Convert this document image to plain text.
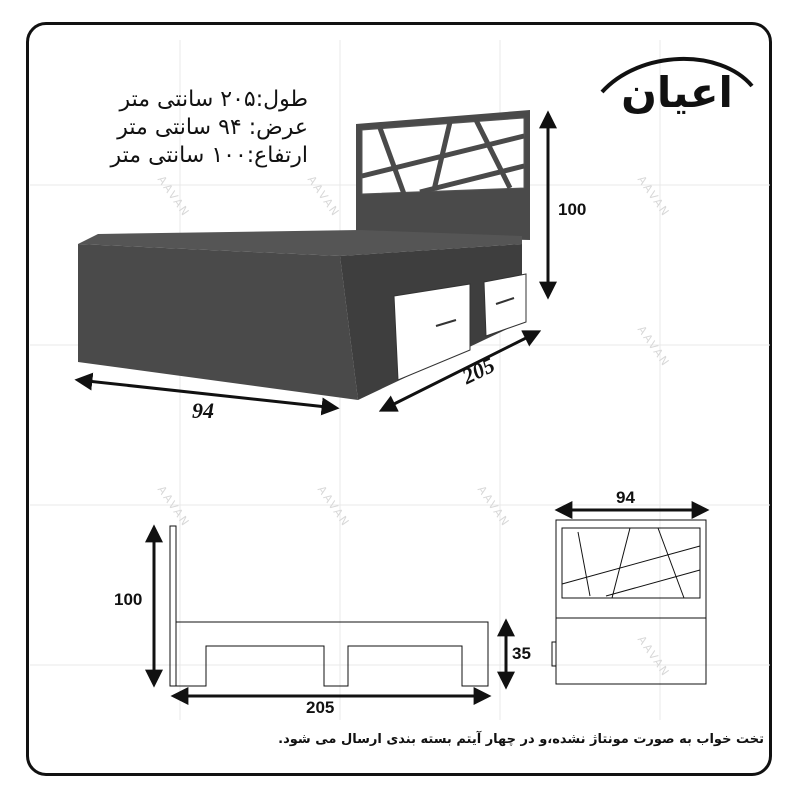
AAVAN	AAVAN	AAVAN
AAVAN
AAVAN	AAVAN	AAVAN
AAVAN
اعیان
طول:۲۰۵ سانتی متر
عرض: ۹۴ سانتی متر
ارتفاع:۱۰۰ سانتی متر
100
94
205
100
35
205
94
تخت خواب به صورت مونتاژ نشده،و در چهار آیتم بسته بندی ارسال می شود.
